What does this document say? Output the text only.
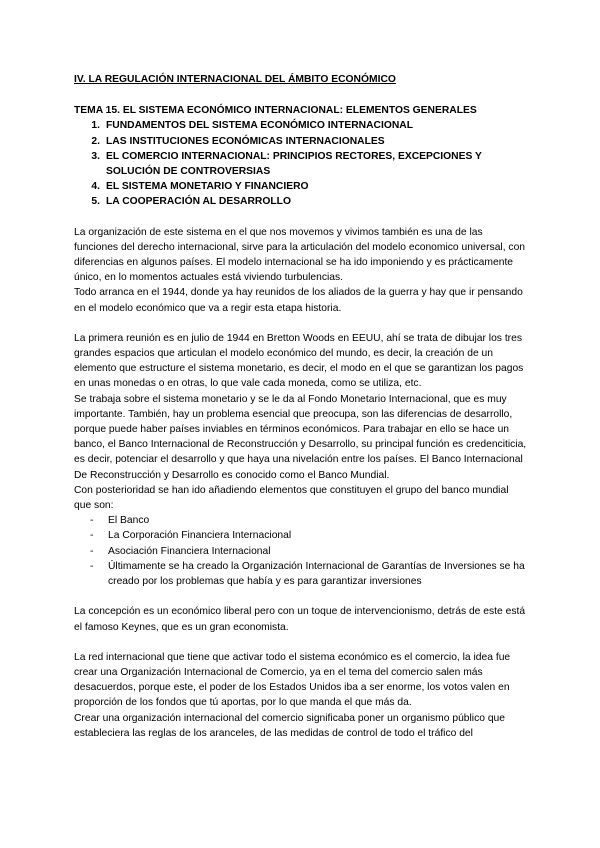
IV. LA REGULACIÓN INTERNACIONAL DEL ÁMBITO ECONÓMICO

TEMA 15. EL SISTEMA ECONÓMICO INTERNACIONAL: ELEMENTOS GENERALES

1. FUNDAMENTOS DEL SISTEMA ECONÓMICO INTERNACIONAL
2. LAS INSTITUCIONES ECONÓMICAS INTERNACIONALES
3. EL COMERCIO INTERNACIONAL: PRINCIPIOS RECTORES, EXCEPCIONES Y SOLUCIÓN DE CONTROVERSIAS
4. EL SISTEMA MONETARIO Y FINANCIERO
5. LA COOPERACIÓN AL DESARROLLO

La organización de este sistema en el que nos movemos y vivimos también es una de las funciones del derecho internacional, sirve para la articulación del modelo economico universal, con diferencias en algunos países. El modelo internacional se ha ido imponiendo y es prácticamente único, en lo momentos actuales está viviendo turbulencias.

Todo arranca en el 1944, donde ya hay reunidos de los aliados de la guerra y hay que ir pensando en el modelo económico que va a regir esta etapa historia.

La primera reunión es en julio de 1944 en Bretton Woods en EEUU, ahí se trata de dibujar los tres grandes espacios que articulan el modelo económico del mundo, es decir, la creación de un elemento que estructure el sistema monetario, es decir, el modo en el que se garantizan los pagos en unas monedas o en otras, lo que vale cada moneda, como se utiliza, etc.

Se trabaja sobre el sistema monetario y se le da al Fondo Monetario Internacional, que es muy importante. También, hay un problema esencial que preocupa, son las diferencias de desarrollo, porque puede haber países inviables en términos económicos. Para trabajar en ello se hace un banco, el Banco Internacional de Reconstrucción y Desarrollo, su principal función es credenciticia, es decir, potenciar el desarrollo y que haya una nivelación entre los países. El Banco Internacional De Reconstrucción y Desarrollo es conocido como el Banco Mundial.

Con posterioridad se han ido añadiendo elementos que constituyen el grupo del banco mundial que son:

-	El Banco
-	La Corporación Financiera Internacional
-	Asociación Financiera Internacional
-	Últimamente se ha creado la Organización Internacional de Garantías de Inversiones se ha creado por los problemas que había y es para garantizar inversiones

La concepción es un económico liberal pero con un toque de intervencionismo, detrás de este está el famoso Keynes, que es un gran economista.

La red internacional que tiene que activar todo el sistema económico es el comercio, la idea fue crear una Organización Internacional de Comercio, ya en el tema del comercio salen más desacuerdos, porque este, el poder de los Estados Unidos iba a ser enorme, los votos valen en proporción de los fondos que tú aportas, por lo que manda el que más da.

Crear una organización internacional del comercio significaba poner un organismo público que estableciera las reglas de los aranceles, de las medidas de control de todo el tráfico del
